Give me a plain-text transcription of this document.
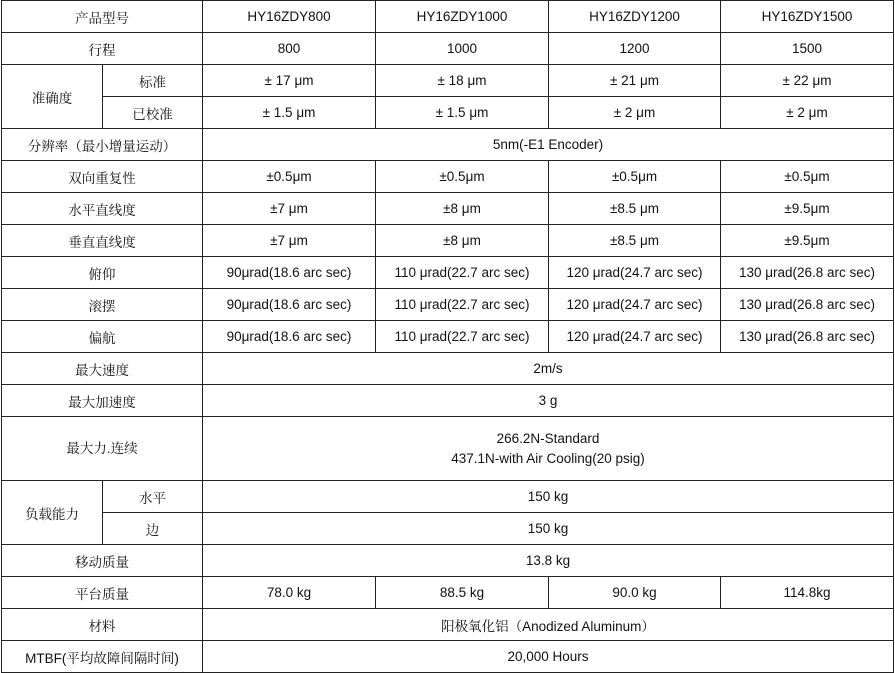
产品型号		HY16ZDY800	HY16ZDY1000	HY16ZDY1200	HY16ZDY1500
行程		800	1000	1200	1500
准确度	标准	± 17 μm	± 18 μm	± 21 μm	± 22 μm
	已校准	± 1.5 μm	± 1.5 μm	± 2 μm	± 2 μm
分辨率（最小增量运动）		5nm(-E1 Encoder)			
双向重复性		±0.5μm	±0.5μm	±0.5μm	±0.5μm
水平直线度		±7 μm	±8 μm	±8.5 μm	±9.5μm
垂直直线度		±7 μm	±8 μm	±8.5 μm	±9.5μm
俯仰		90μrad(18.6 arc sec)	110 μrad(22.7 arc sec)	120 μrad(24.7 arc sec)	130 μrad(26.8 arc sec)
滚摆		90μrad(18.6 arc sec)	110 μrad(22.7 arc sec)	120 μrad(24.7 arc sec)	130 μrad(26.8 arc sec)
偏航		90μrad(18.6 arc sec)	110 μrad(22.7 arc sec)	120 μrad(24.7 arc sec)	130 μrad(26.8 arc sec)
最大速度		2m/s			
最大加速度		3 g			
最大力.连续		266.2N-Standard
437.1N-with Air Cooling(20 psig)			

负载能力	水平	150 kg			
	边	150 kg			
移动质量		13.8 kg			
平台质量		78.0 kg	88.5 kg	90.0 kg	114.8kg
材料		阳极氧化铝（Anodized Aluminum）			
MTBF(平均故障间隔时间)		20,000 Hours			
